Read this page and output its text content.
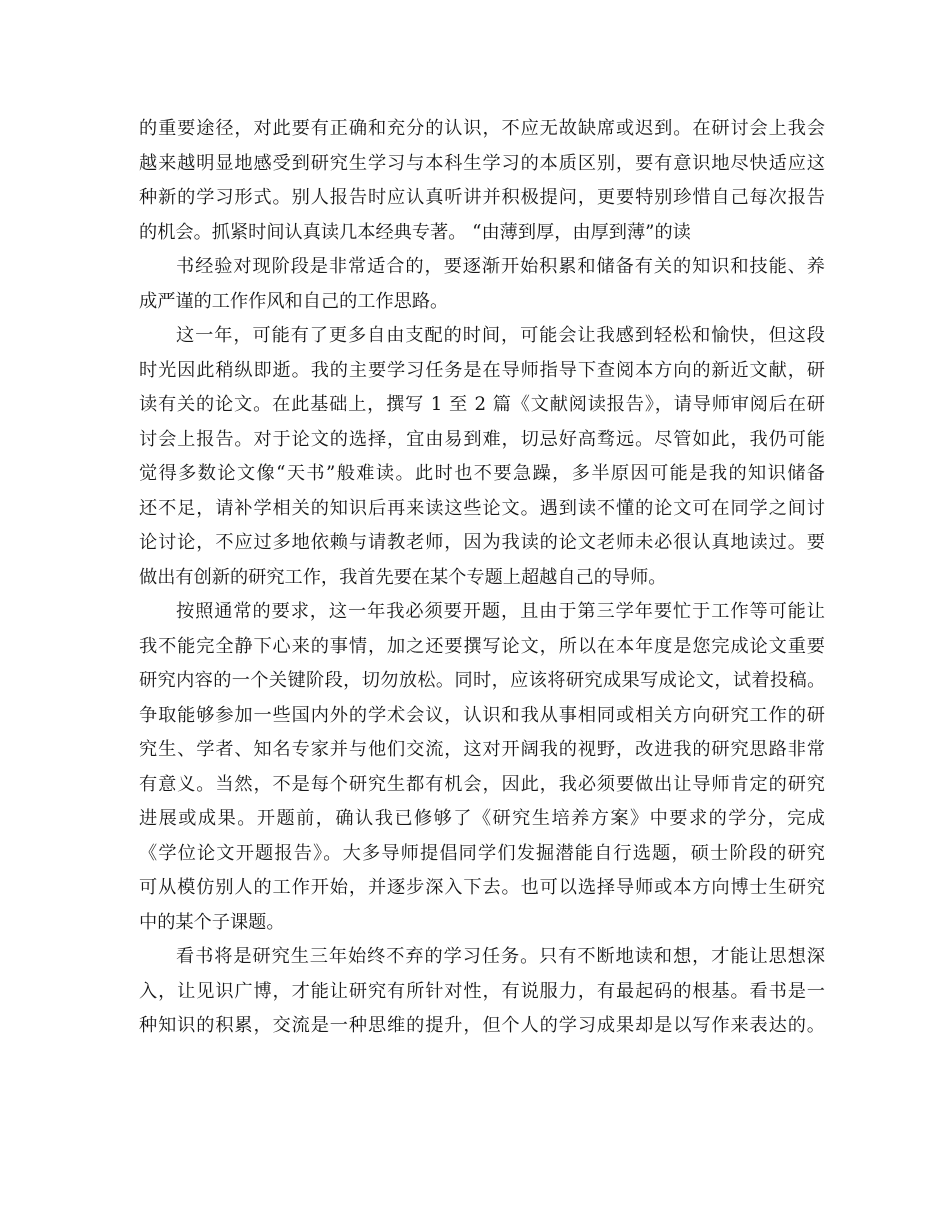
的重要途径，对此要有正确和充分的认识，不应无故缺席或迟到。在研讨会上我会
越来越明显地感受到研究生学习与本科生学习的本质区别，要有意识地尽快适应这
种新的学习形式。别人报告时应认真听讲并积极提问，更要特别珍惜自己每次报告
的机会。抓紧时间认真读几本经典专著。 “由薄到厚，由厚到薄”的读
书经验对现阶段是非常适合的，要逐渐开始积累和储备有关的知识和技能、养
成严谨的工作作风和自己的工作思路。
这一年，可能有了更多自由支配的时间，可能会让我感到轻松和愉快，但这段
时光因此稍纵即逝。我的主要学习任务是在导师指导下查阅本方向的新近文献，研
读有关的论文。在此基础上，撰写 1 至 2 篇《文献阅读报告》，请导师审阅后在研
讨会上报告。对于论文的选择，宜由易到难，切忌好高骛远。尽管如此，我仍可能
觉得多数论文像“天书”般难读。此时也不要急躁，多半原因可能是我的知识储备
还不足，请补学相关的知识后再来读这些论文。遇到读不懂的论文可在同学之间讨
论讨论，不应过多地依赖与请教老师，因为我读的论文老师未必很认真地读过。要
做出有创新的研究工作，我首先要在某个专题上超越自己的导师。
按照通常的要求，这一年我必须要开题，且由于第三学年要忙于工作等可能让
我不能完全静下心来的事情，加之还要撰写论文，所以在本年度是您完成论文重要
研究内容的一个关键阶段，切勿放松。同时，应该将研究成果写成论文，试着投稿。
争取能够参加一些国内外的学术会议，认识和我从事相同或相关方向研究工作的研
究生、学者、知名专家并与他们交流，这对开阔我的视野，改进我的研究思路非常
有意义。当然，不是每个研究生都有机会，因此，我必须要做出让导师肯定的研究
进展或成果。开题前，确认我已修够了《研究生培养方案》中要求的学分，完成
《学位论文开题报告》。大多导师提倡同学们发掘潜能自行选题，硕士阶段的研究
可从模仿别人的工作开始，并逐步深入下去。也可以选择导师或本方向博士生研究
中的某个子课题。
看书将是研究生三年始终不弃的学习任务。只有不断地读和想，才能让思想深
入，让见识广博，才能让研究有所针对性，有说服力，有最起码的根基。看书是一
种知识的积累，交流是一种思维的提升，但个人的学习成果却是以写作来表达的。
